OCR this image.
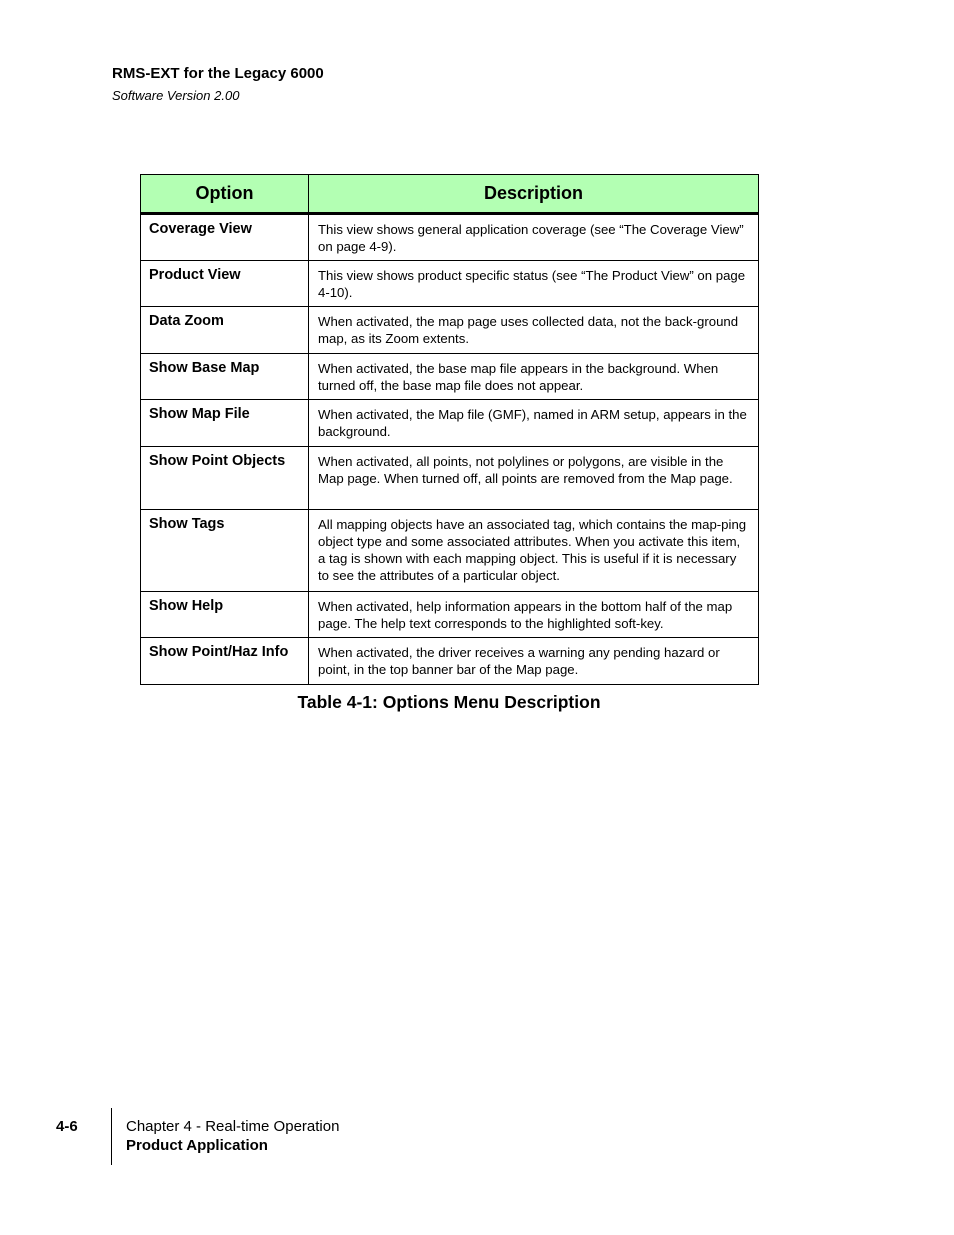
RMS-EXT for the Legacy 6000
Software Version 2.00
Option	Description
Coverage View	This view shows general application coverage (see “The Coverage View” on page 4-9).
Product View	This view shows product specific status (see “The Product View” on page 4-10).
Data Zoom	When activated, the map page uses collected data, not the back-ground map, as its Zoom extents.
Show Base Map	When activated, the base map file appears in the background. When turned off, the base map file does not appear.
Show Map File	When activated, the Map file (GMF), named in ARM setup, appears in the background.
Show Point Objects	When activated, all points, not polylines or polygons, are visible in the Map page. When turned off, all points are removed from the Map page.
Show Tags	All mapping objects have an associated tag, which contains the map-ping object type and some associated attributes. When you activate this item, a tag is shown with each mapping object. This is useful if it is necessary to see the attributes of a particular object.
Show Help	When activated, help information appears in the bottom half of the map page. The help text corresponds to the highlighted soft-key.
Show Point/Haz Info	When activated, the driver receives a warning any pending hazard or point, in the top banner bar of the Map page.
Table 4-1: Options Menu Description
4-6	Chapter 4 - Real-time Operation
Product Application
